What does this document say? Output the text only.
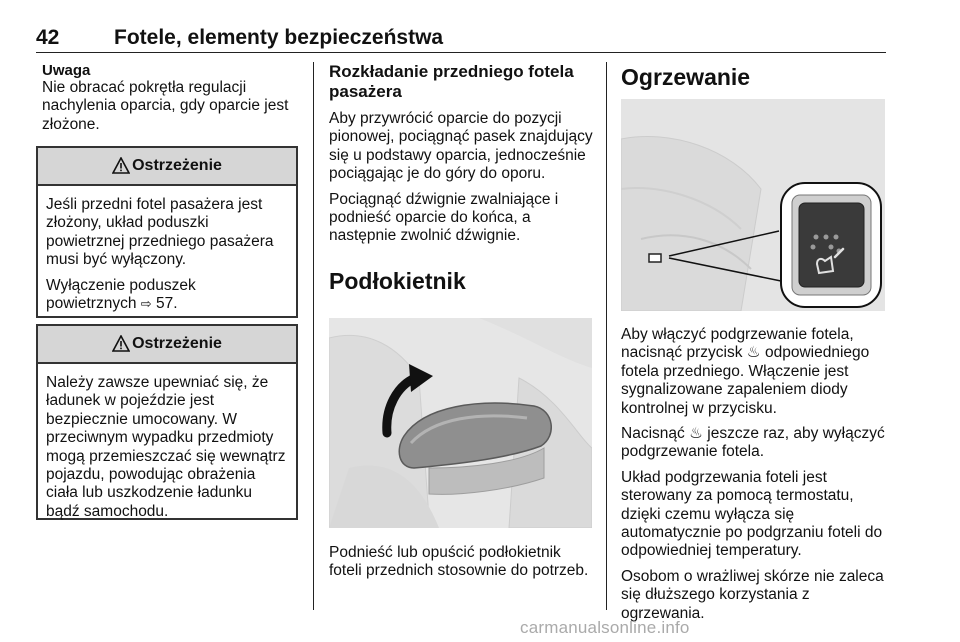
42	Fotele, elementy bezpieczeństwa
Uwaga

Nie obracać pokrętła regulacji nachylenia oparcia, gdy oparcie jest złożone.

Ostrzeżenie

Jeśli przedni fotel pasażera jest złożony, układ poduszki powietrznej przedniego pasażera musi być wyłączony.

Wyłączenie poduszek powietrznych ⇨ 57.

Ostrzeżenie

Należy zawsze upewniać się, że ładunek w pojeździe jest bezpiecznie umocowany. W przeciwnym wypadku przedmioty mogą przemieszczać się wewnątrz pojazdu, powodując obrażenia ciała lub uszkodzenie ładunku bądź samochodu.

Rozkładanie przedniego fotela pasażera

Aby przywrócić oparcie do pozycji pionowej, pociągnąć pasek znajdujący się u podstawy oparcia, jednocześnie pociągając je do góry do oporu.

Pociągnąć dźwignie zwalniające i podnieść oparcie do końca, a następnie zwolnić dźwignie.

Podłokietnik

Podnieść lub opuścić podłokietnik foteli przednich stosownie do potrzeb.

Ogrzewanie

Aby włączyć podgrzewanie fotela, nacisnąć przycisk ♨ odpowiedniego fotela przedniego. Włączenie jest sygnalizowane zapaleniem diody kontrolnej w przycisku.

Nacisnąć ♨ jeszcze raz, aby wyłączyć podgrzewanie fotela.

Układ podgrzewania foteli jest sterowany za pomocą termostatu, dzięki czemu wyłącza się automatycznie po podgrzaniu foteli do odpowiedniej temperatury.

Osobom o wrażliwej skórze nie zaleca się dłuższego korzystania z ogrzewania.

carmanualsonline.info
